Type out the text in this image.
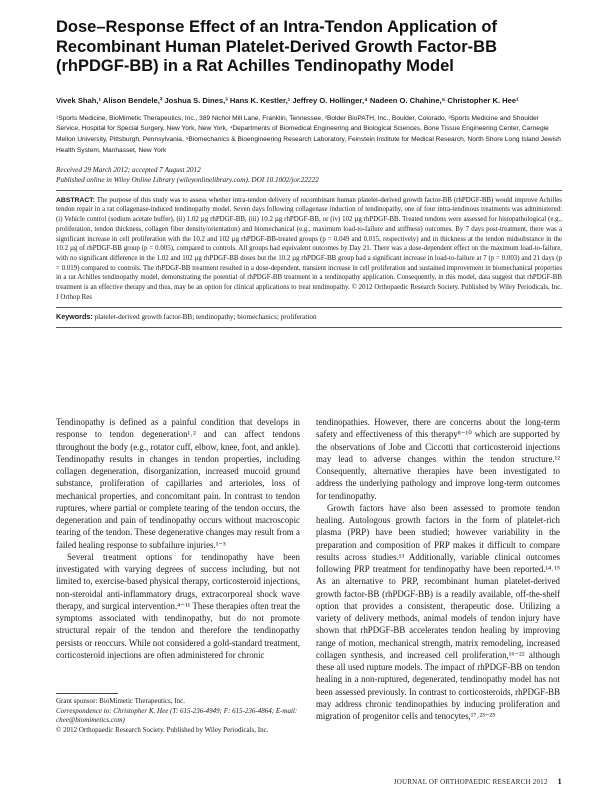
Dose–Response Effect of an Intra-Tendon Application of Recombinant Human Platelet-Derived Growth Factor-BB (rhPDGF-BB) in a Rat Achilles Tendinopathy Model
Vivek Shah,¹ Alison Bendele,² Joshua S. Dines,³ Hans K. Kestler,¹ Jeffrey O. Hollinger,⁴ Nadeen O. Chahine,⁵ Christopher K. Hee¹
¹Sports Medicine, BioMimetic Therapeutics, Inc., 389 Nichol Mill Lane, Franklin, Tennessee, ²Bolder BioPATH, Inc., Boulder, Colorado, ³Sports Medicine and Shoulder Service, Hospital for Special Surgery, New York, New York, ⁴Departments of Biomedical Engineering and Biological Sciences, Bone Tissue Engineering Center, Carnegie Mellon University, Pittsburgh, Pennsylvania, ⁵Biomechanics & Bioengineering Research Laboratory, Feinstein Institute for Medical Research, North Shore Long Island Jewish Health System, Manhasset, New York
Received 29 March 2012; accepted 7 August 2012
Published online in Wiley Online Library (wileyonlinelibrary.com). DOI 10.1002/jor.22222
ABSTRACT: The purpose of this study was to assess whether intra-tendon delivery of recombinant human platelet-derived growth factor-BB (rhPDGF-BB) would improve Achilles tendon repair in a rat collagenase-induced tendinopathy model. Seven days following collagenase induction of tendinopathy, one of four intra-tendinous treatments was administered: (i) Vehicle control (sodium acetate buffer), (ii) 1.02 µg rhPDGF-BB, (iii) 10.2 µg rhPDGF-BB, or (iv) 102 µg rhPDGF-BB. Treated tendons were assessed for histopathological (e.g., proliferation, tendon thickness, collagen fiber density/orientation) and biomechanical (e.g., maximum load-to-failure and stiffness) outcomes. By 7 days post-treatment, there was a significant increase in cell proliferation with the 10.2 and 102 µg rhPDGF-BB-treated groups (p = 0.049 and 0.015, respectively) and in thickness at the tendon midsubstance in the 10.2 µg of rhPDGF-BB group (p = 0.005), compared to controls. All groups had equivalent outcomes by Day 21. There was a dose-dependent effect on the maximum load-to-failure, with no significant difference in the 1.02 and 102 µg rhPDGF-BB doses but the 10.2 µg rhPDGF-BB group had a significant increase in load-to-failure at 7 (p = 0.003) and 21 days (p = 0.019) compared to controls. The rhPDGF-BB treatment resulted in a dose-dependent, transient increase in cell proliferation and sustained improvement in biomechanical properties in a rat Achilles tendinopathy model, demonstrating the potential of rhPDGF-BB treatment in a tendinopathy application. Consequently, in this model, data suggest that rhPDGF-BB treatment is an effective therapy and thus, may be an option for clinical applications to treat tendinopathy. © 2012 Orthopaedic Research Society. Published by Wiley Periodicals, Inc. J Orthop Res
Keywords: platelet-derived growth factor-BB; tendinopathy; biomechanics; proliferation

Tendinopathy is defined as a painful condition that develops in response to tendon degeneration¹˒² and can affect tendons throughout the body (e.g., rotator cuff, elbow, knee, foot, and ankle). Tendinopathy results in changes in tendon properties, including collagen degeneration, disorganization, increased mucoid ground substance, proliferation of capillaries and arterioles, loss of mechanical properties, and concomitant pain. In contrast to tendon ruptures, where partial or complete tearing of the tendon occurs, the degeneration and pain of tendinopathy occurs without macroscopic tearing of the tendon. These degenerative changes may result from a failed healing response to subfailure injuries.¹⁻³

Several treatment options for tendinopathy have been investigated with varying degrees of success including, but not limited to, exercise-based physical therapy, corticosteroid injections, non-steroidal anti-inflammatory drugs, extracorporeal shock wave therapy, and surgical intervention.⁴⁻¹¹ These therapies often treat the symptoms associated with tendinopathy, but do not promote structural repair of the tendon and therefore the tendinopathy persists or reoccurs. While not considered a gold-standard treatment, corticosteroid injections are often administered for chronic

tendinopathies. However, there are concerns about the long-term safety and effectiveness of this therapy⁸⁻¹⁰ which are supported by the observations of Jobe and Ciccotti that corticosteroid injections may lead to adverse changes within the tendon structure.¹² Consequently, alternative therapies have been investigated to address the underlying pathology and improve long-term outcomes for tendinopathy.

Growth factors have also been assessed to promote tendon healing. Autologous growth factors in the form of platelet-rich plasma (PRP) have been studied; however variability in the preparation and composition of PRP makes it difficult to compare results across studies.¹³ Additionally, variable clinical outcomes following PRP treatment for tendinopathy have been reported.¹⁴˒¹⁵ As an alternative to PRP, recombinant human platelet-derived growth factor-BB (rhPDGF-BB) is a readily available, off-the-shelf option that provides a consistent, therapeutic dose. Utilizing a variety of delivery methods, animal models of tendon injury have shown that rhPDGF-BB accelerates tendon healing by improving range of motion, mechanical strength, matrix remodeling, increased collagen synthesis, and increased cell proliferation,¹⁶⁻²² although these all used rupture models. The impact of rhPDGF-BB on tendon healing in a non-ruptured, degenerated, tendinopathy model has not been assessed previously. In contrast to corticosteroids, rhPDGF-BB may address chronic tendinopathies by inducing proliferation and migration of progenitor cells and tenocytes,¹⁷˒²³⁻²⁵

Grant sponsor: BioMimetic Therapeutics, Inc.
Correspondence to: Christopher K. Hee (T: 615-236-4949; F: 615-236-4864; E-mail: chee@biomimetics.com)
© 2012 Orthopaedic Research Society. Published by Wiley Periodicals, Inc.
JOURNAL OF ORTHOPAEDIC RESEARCH 2012 1
